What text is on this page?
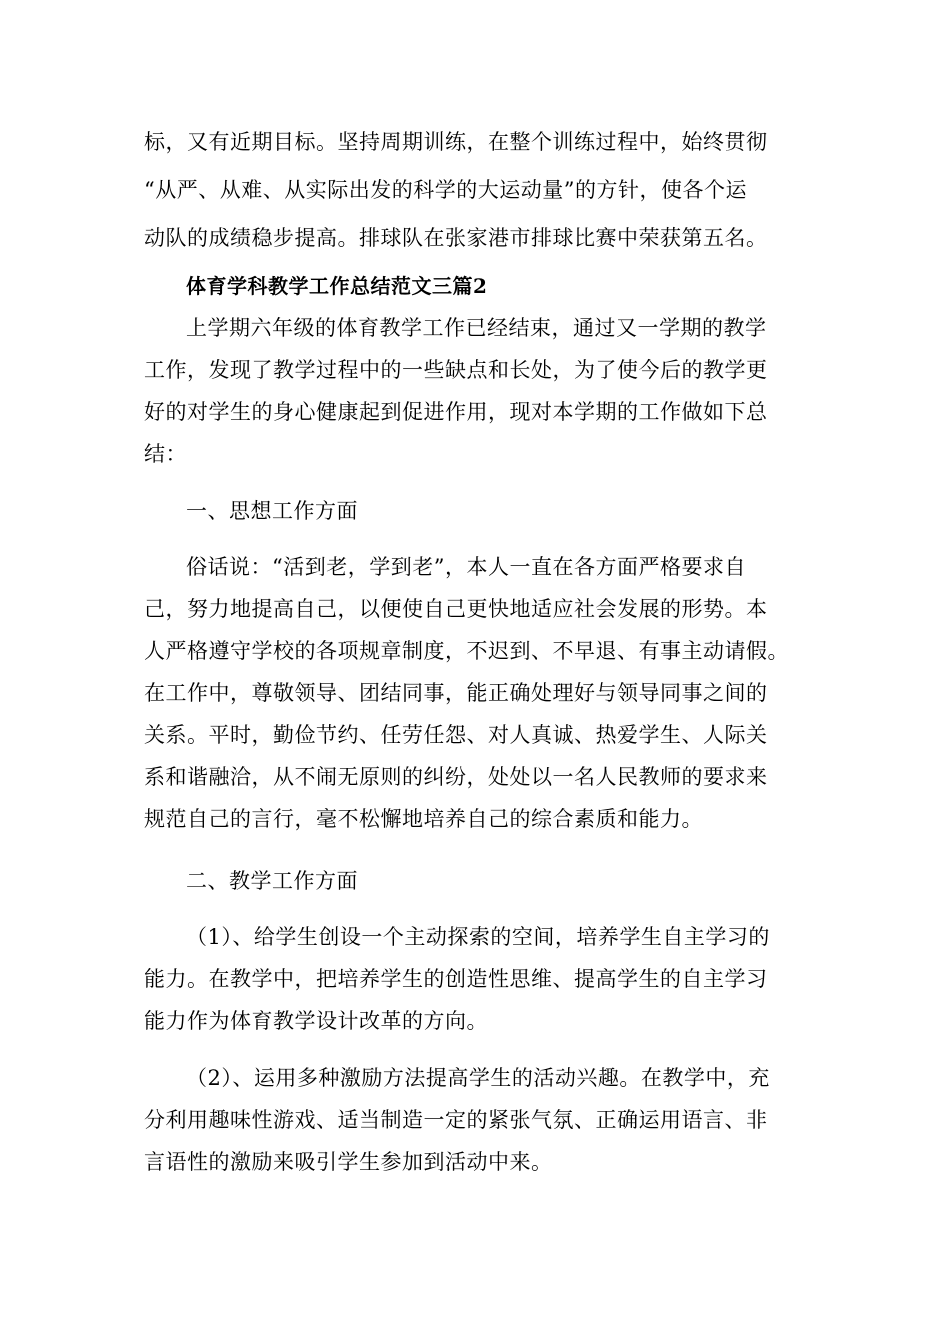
标，又有近期目标。坚持周期训练，在整个训练过程中，始终贯彻
“从严、从难、从实际出发的科学的大运动量”的方针，使各个运
动队的成绩稳步提高。排球队在张家港市排球比赛中荣获第五名。
体育学科教学工作总结范文三篇2
上学期六年级的体育教学工作已经结束，通过又一学期的教学
工作，发现了教学过程中的一些缺点和长处，为了使今后的教学更
好的对学生的身心健康起到促进作用，现对本学期的工作做如下总
结：
一、思想工作方面
俗话说：“活到老，学到老”，本人一直在各方面严格要求自
己，努力地提高自己，以便使自己更快地适应社会发展的形势。本
人严格遵守学校的各项规章制度，不迟到、不早退、有事主动请假。
在工作中，尊敬领导、团结同事，能正确处理好与领导同事之间的
关系。平时，勤俭节约、任劳任怨、对人真诚、热爱学生、人际关
系和谐融洽，从不闹无原则的纠纷，处处以一名人民教师的要求来
规范自己的言行，毫不松懈地培养自己的综合素质和能力。
二、教学工作方面
（1）、给学生创设一个主动探索的空间，培养学生自主学习的
能力。在教学中，把培养学生的创造性思维、提高学生的自主学习
能力作为体育教学设计改革的方向。
（2）、运用多种激励方法提高学生的活动兴趣。在教学中，充
分利用趣味性游戏、适当制造一定的紧张气氛、正确运用语言、非
言语性的激励来吸引学生参加到活动中来。
